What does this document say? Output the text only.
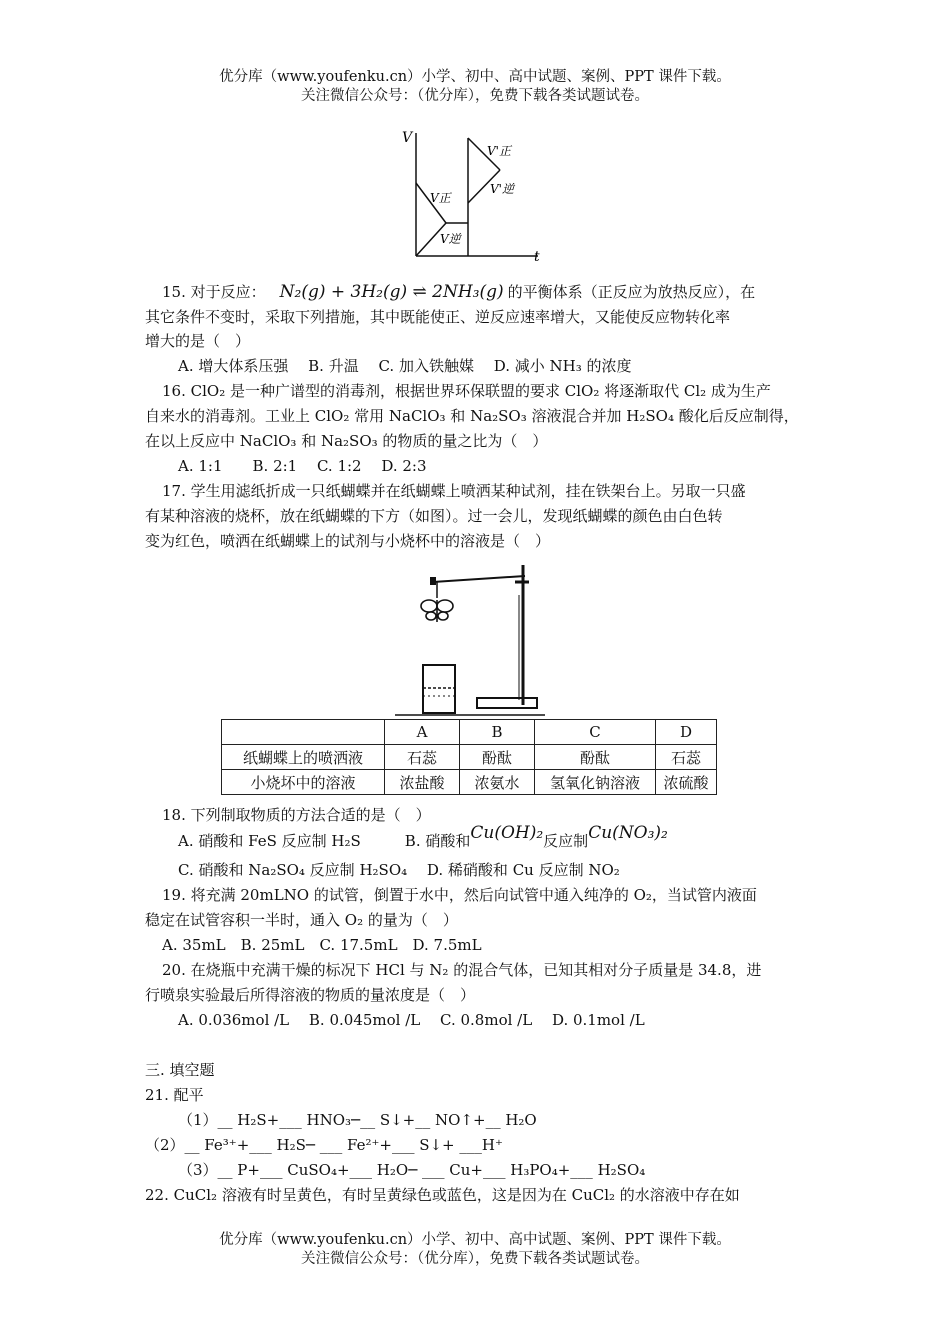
优分库（www.youfenku.cn）小学、初中、高中试题、案例、PPT 课件下载。
关注微信公众号：（优分库），免费下载各类试题试卷。
V
t
V正
V逆
V'正
V'逆
15. 对于反应： N₂(g) + 3H₂(g) ⇌ 2NH₃(g) 的平衡体系（正反应为放热反应），在
其它条件不变时，采取下列措施，其中既能使正、逆反应速率增大，又能使反应物转化率
增大的是（　）
A. 增大体系压强　 B. 升温　 C. 加入铁触媒　 D. 减小 NH₃ 的浓度
16. ClO₂ 是一种广谱型的消毒剂，根据世界环保联盟的要求 ClO₂ 将逐渐取代 Cl₂ 成为生产
自来水的消毒剂。工业上 ClO₂ 常用 NaClO₃ 和 Na₂SO₃ 溶液混合并加 H₂SO₄ 酸化后反应制得，
在以上反应中 NaClO₃ 和 Na₂SO₃ 的物质的量之比为（　）
A. 1:1　　B. 2:1　 C. 1:2　 D. 2:3
17. 学生用滤纸折成一只纸蝴蝶并在纸蝴蝶上喷洒某种试剂，挂在铁架台上。另取一只盛
有某种溶液的烧杯，放在纸蝴蝶的下方（如图）。过一会儿，发现纸蝴蝶的颜色由白色转
变为红色，喷洒在纸蝴蝶上的试剂与小烧杯中的溶液是（　）
	A	B	C	D
纸蝴蝶上的喷洒液	石蕊	酚酞	酚酞	石蕊
小烧坏中的溶液	浓盐酸	浓氨水	氢氧化钠溶液	浓硫酸
18. 下列制取物质的方法合适的是（　）
A. 硝酸和 FeS 反应制 H₂S	B. 硝酸和Cu(OH)₂反应制Cu(NO₃)₂
C. 硝酸和 Na₂SO₄ 反应制 H₂SO₄　 D. 稀硝酸和 Cu 反应制 NO₂
19. 将充满 20mLNO 的试管，倒置于水中，然后向试管中通入纯净的 O₂，当试管内液面
稳定在试管容积一半时，通入 O₂ 的量为（　）
A. 35mL　B. 25mL　C. 17.5mL　D. 7.5mL
20. 在烧瓶中充满干燥的标况下 HCl 与 N₂ 的混合气体，已知其相对分子质量是 34.8，进
行喷泉实验最后所得溶液的物质的量浓度是（　）
A. 0.036mol /L　 B. 0.045mol /L　 C. 0.8mol /L　 D. 0.1mol /L
三. 填空题
21. 配平
（1）__ H₂S+___ HNO₃─__ S↓+__ NO↑+__ H₂O
（2）__ Fe³⁺+___ H₂S─ ___ Fe²⁺+___ S↓+ ___H⁺
（3）__ P+___ CuSO₄+___ H₂O─ ___ Cu+___ H₃PO₄+___ H₂SO₄
22. CuCl₂ 溶液有时呈黄色，有时呈黄绿色或蓝色，这是因为在 CuCl₂ 的水溶液中存在如
优分库（www.youfenku.cn）小学、初中、高中试题、案例、PPT 课件下载。
关注微信公众号：（优分库），免费下载各类试题试卷。
